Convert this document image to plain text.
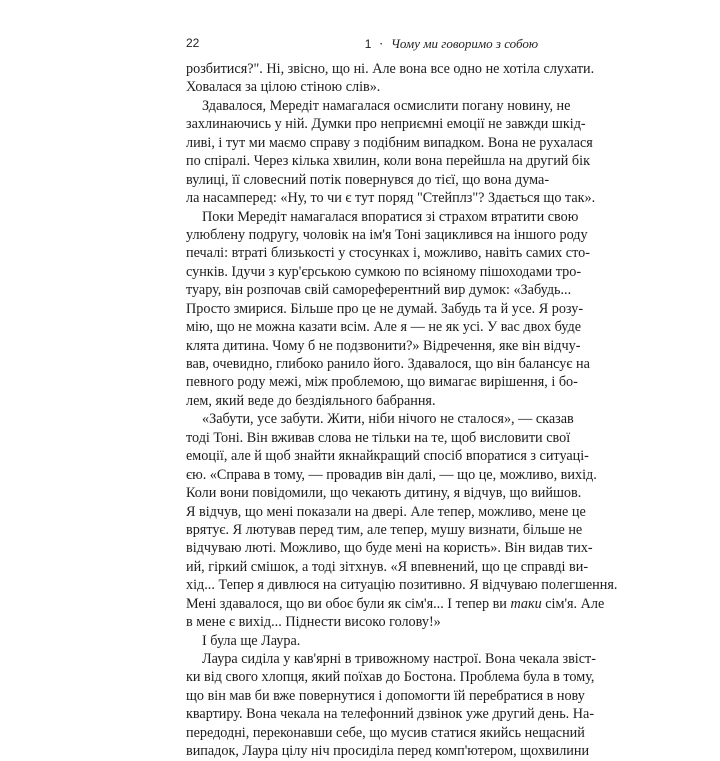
22	1 · Чому ми говоримо з собою
розбитися?". Ні, звісно, що ні. Але вона все одно не хотіла слухати.
Ховалася за цілою стіною слів».
Здавалося, Мередіт намагалася осмислити погану новину, не
захлинаючись у ній. Думки про неприємні емоції не завжди шкід-
ливі, і тут ми маємо справу з подібним випадком. Вона не рухалася
по спіралі. Через кілька хвилин, коли вона перейшла на другий бік
вулиці, її словесний потік повернувся до тієї, що вона дума-
ла насамперед: «Ну, то чи є тут поряд "Стейплз"? Здається що так».
Поки Мередіт намагалася впоратися зі страхом втратити свою
улюблену подругу, чоловік на ім'я Тоні зациклився на іншого роду
печалі: втраті близькості у стосунках і, можливо, навіть самих сто-
сунків. Ідучи з кур'єрською сумкою по всіяному пішоходами тро-
туару, він розпочав свій самореферентний вир думок: «Забудь...
Просто змирися. Більше про це не думай. Забудь та й усе. Я розу-
мію, що не можна казати всім. Але я — не як усі. У вас двох буде
клята дитина. Чому б не подзвонити?» Відречення, яке він відчу-
вав, очевидно, глибоко ранило його. Здавалося, що він балансує на
певного роду межі, між проблемою, що вимагає вирішення, і бо-
лем, який веде до бездіяльного бабрання.
«Забути, усе забути. Жити, ніби нічого не сталося», — сказав
тоді Тоні. Він вживав слова не тільки на те, щоб висловити свої
емоції, але й щоб знайти якнайкращий спосіб впоратися з ситуаці-
єю. «Справа в тому, — провадив він далі, — що це, можливо, вихід.
Коли вони повідомили, що чекають дитину, я відчув, що вийшов.
Я відчув, що мені показали на двері. Але тепер, можливо, мене це
врятує. Я лютував перед тим, але тепер, мушу визнати, більше не
відчуваю люті. Можливо, що буде мені на користь». Він видав тих-
ий, гіркий смішок, а тоді зітхнув. «Я впевнений, що це справді ви-
хід... Тепер я дивлюся на ситуацію позитивно. Я відчуваю полегшення.
Мені здавалося, що ви обоє були як сім'я... І тепер ви таки сім'я. Але
в мене є вихід... Піднести високо голову!»
І була ще Лаура.
Лаура сиділа у кав'ярні в тривожному настрої. Вона чекала звіст-
ки від свого хлопця, який поїхав до Бостона. Проблема була в тому,
що він мав би вже повернутися і допомогти їй перебратися в нову
квартиру. Вона чекала на телефонний дзвінок уже другий день. На-
передодні, переконавши себе, що мусив статися якийсь нещасний
випадок, Лаура цілу ніч просиділа перед комп'ютером, щохвилини
